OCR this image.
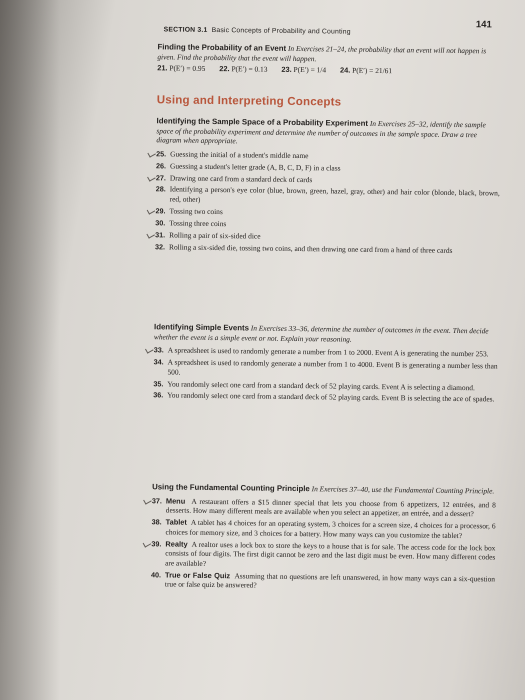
SECTION 3.1 Basic Concepts of Probability and Counting
141
Finding the Probability of an Event In Exercises 21–24, the probability that an event will not happen is given. Find the probability that the event will happen.
21. P(E′) = 0.95 22. P(E′) = 0.13 23. P(E′) = 1/4 24. P(E′) = 21/61
Using and Interpreting Concepts
Identifying the Sample Space of a Probability Experiment In Exercises 25–32, identify the sample space of the probability experiment and determine the number of outcomes in the sample space. Draw a tree diagram when appropriate.
25. Guessing the initial of a student's middle name
26. Guessing a student's letter grade (A, B, C, D, F) in a class
27. Drawing one card from a standard deck of cards
28. Identifying a person's eye color (blue, brown, green, hazel, gray, other) and hair color (blonde, black, brown, red, other)
29. Tossing two coins
30. Tossing three coins
31. Rolling a pair of six-sided dice
32. Rolling a six-sided die, tossing two coins, and then drawing one card from a hand of three cards
Identifying Simple Events In Exercises 33–36, determine the number of outcomes in the event. Then decide whether the event is a simple event or not. Explain your reasoning.
33. A spreadsheet is used to randomly generate a number from 1 to 2000. Event A is generating the number 253.
34. A spreadsheet is used to randomly generate a number from 1 to 4000. Event B is generating a number less than 500.
35. You randomly select one card from a standard deck of 52 playing cards. Event A is selecting a diamond.
36. You randomly select one card from a standard deck of 52 playing cards. Event B is selecting the ace of spades.
Using the Fundamental Counting Principle In Exercises 37–40, use the Fundamental Counting Principle.
37. Menu A restaurant offers a $15 dinner special that lets you choose from 6 appetizers, 12 entrées, and 8 desserts. How many different meals are available when you select an appetizer, an entrée, and a dessert?
38. Tablet A tablet has 4 choices for an operating system, 3 choices for a screen size, 4 choices for a processor, 6 choices for memory size, and 3 choices for a battery. How many ways can you customize the tablet?
39. Realty A realtor uses a lock box to store the keys to a house that is for sale. The access code for the lock box consists of four digits. The first digit cannot be zero and the last digit must be even. How many different codes are available?
40. True or False Quiz Assuming that no questions are left unanswered, in how many ways can a six-question true or false quiz be answered?
